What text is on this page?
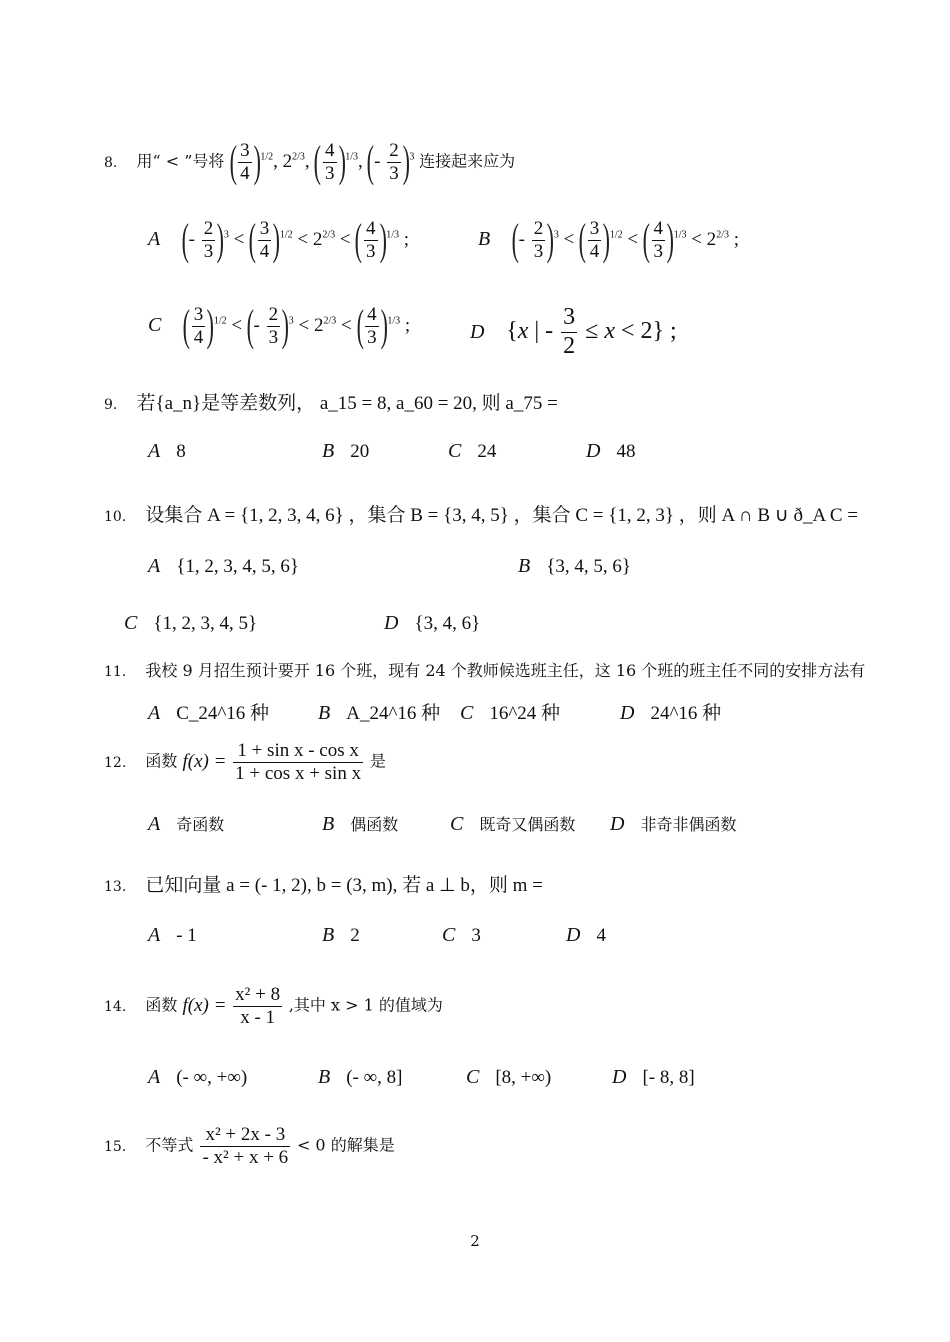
8. 用“ < ”号将 ( $\frac{3}{4} )^{1/2}$, $2^{2/3}$, ( $\frac{4}{3} )^{1/3}$, (- $\frac{2}{3} )^3$ 连接起来应为
A (- $\frac{2}{3} )^3$ < ( $\frac{3}{4} )^{1/2} < 2^{2/3}$ < ( $\frac{4}{3} )^{1/3}$ ;	B (- $\frac{2}{3} )^3$ < ( $\frac{3}{4} )^{1/2}$ < ( $\frac{4}{3} )^{1/3} < 2^{2/3}$ ;
C ( $\frac{3}{4} )^{1/2}$ < (- $\frac{2}{3} )^3 < 2^{2/3}$ < ( $\frac{4}{3} )^{1/3}$ ;	D {x | - $\frac{3}{2} \le x < 2$} ;
9. 若{a_n}是等差数列， a_15 = 8, a_60 = 20, 则 a_75 =
A 8	B 20	C 24	D 48
10. 设集合 A = {1, 2, 3, 4, 6} ，集合 B = {3, 4, 5} ，集合 C = {1, 2, 3} ，则 A ∩ B ∪ ð_A C =
A {1, 2, 3, 4, 5, 6}	B {3, 4, 5, 6}
C {1, 2, 3, 4, 5}	D {3, 4, 6}
11. 我校 9 月招生预计要开 16 个班，现有 24 个教师候选班主任，这 16 个班的班主任不同的安排方法有
A C_24^16 种 B A_24^16 种 C 16^24 种	D 24^16 种
12. 函数 $f(x) = \frac{\text{1 + sin x - cos x}}{\text{1 + cos x + sin x}}$ 是
A 奇函数	B 偶函数	C 既奇又偶函数 D 非奇非偶函数
13. 已知向量 a = (- 1, 2), b = (3, m), 若 a ⊥ b，则 m =
A - 1	B 2	C 3	D 4
14. 函数 $f(x) = \frac{\text{x² + 8}}{x - 1}$ ,其中 x > 1 的值域为
A (- ∞, +∞)	B (- ∞, 8]	C [8, +∞)	D [- 8, 8]
15. 不等式 $\frac{\text{x² + 2x - 3}}{\text{- x² + x + 6}} < 0$ 的解集是
2
